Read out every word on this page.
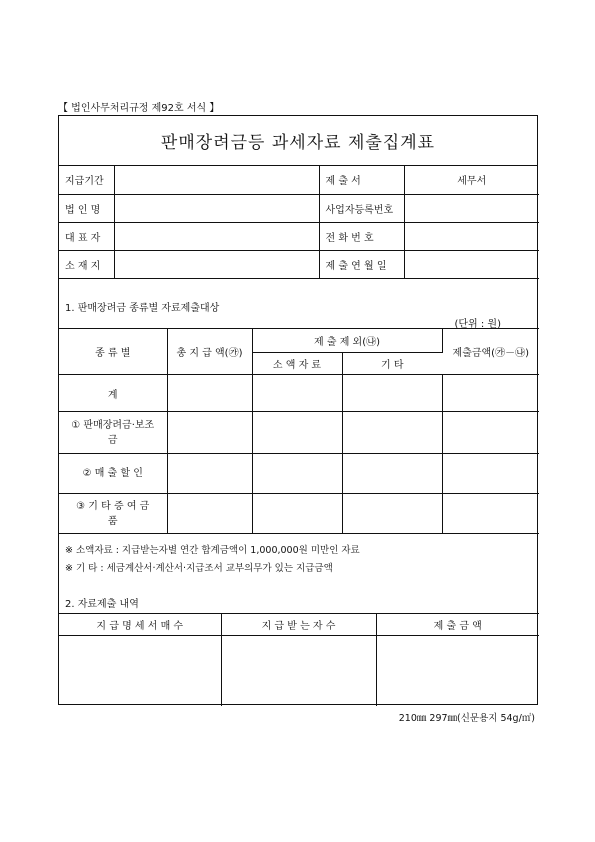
【 법인사무처리규정 제92호 서식 】
판매장려금등 과세자료 제출집계표
지급기간		제 출 서	세무서
법 인 명		사업자등록번호	
대 표 자		전 화 번 호	
소 재 지		제 출 연 월 일	
1. 판매장려금 종류별 자료제출대상
(단위 : 원)
종 류 별	총 지 급 액(㉮)	제 출 제 외(㉯)		제출금액(㉮－㉯)
		소 액 자 료	기 타	
계				
① 판매장려금·보조금				
② 매 출 할 인				
③ 기 타 증 여 금 품				
※ 소액자료 : 지급받는자별 연간 합계금액이 1,000,000원 미만인 자료
※ 기 타 : 세금계산서·계산서·지급조서 교부의무가 있는 지급금액
2. 자료제출 내역
지 급 명 세 서 매 수	지 급 받 는 자 수	제 출 금 액

210㎜ 297㎜(신문용지 54g/㎡)
